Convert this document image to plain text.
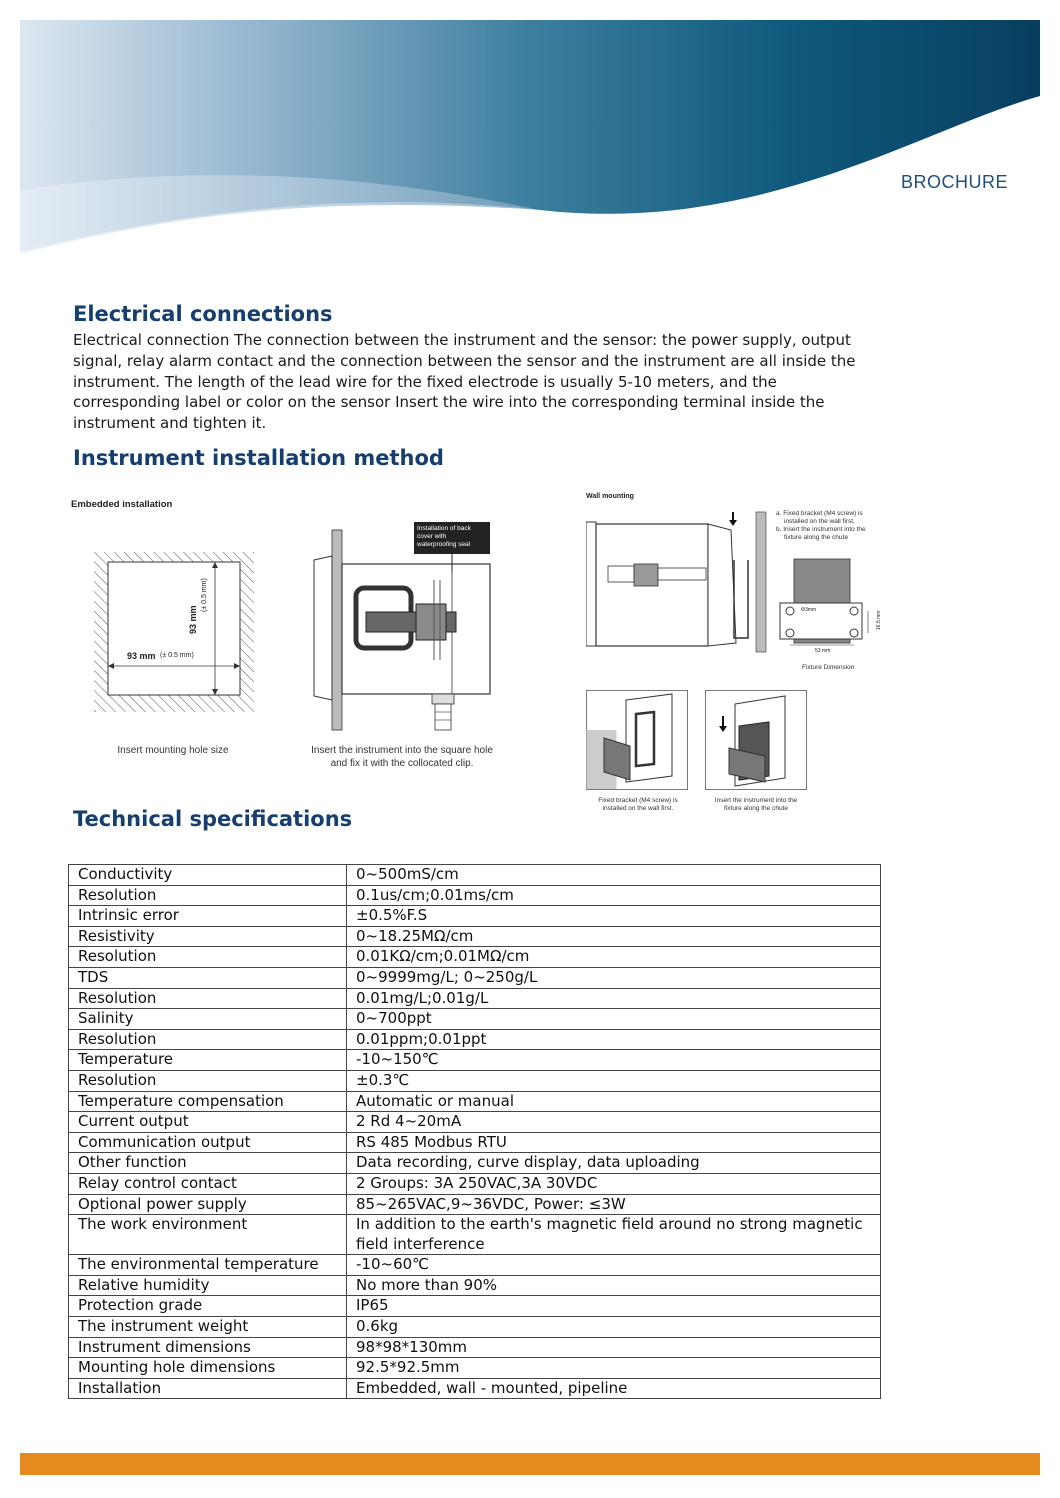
BROCHURE
Electrical connections

Electrical connection The connection between the instrument and the sensor: the power supply, output signal, relay alarm contact and the connection between the sensor and the instrument are all inside the instrument. The length of the lead wire for the fixed electrode is usually 5-10 meters, and the corresponding label or color on the sensor Insert the wire into the corresponding terminal inside the instrument and tighten it.

Instrument installation method
Embedded installation
93 mm (± 0.5 mm)
93 mm
(± 0.5 mm)
Insert mounting hole size
Installation of back
cover with
waterproofing seal
Insert the instrument into the square hole
and fix it with the collocated clip.
Wall mounting
a. Fixed bracket (M4 screw) is
installed on the wall first.
b. Insert the instrument into the
fixture along the chute
Φ3mm
53 mm
16.5 mm
Fixture Dimension
Fixed bracket (M4 screw) is
installed on the wall first.
Insert the instrument into the
fixture along the chute
Technical specifications
Conductivity	0~500mS/cm
Resolution	0.1us/cm;0.01ms/cm
Intrinsic error	±0.5%F.S
Resistivity	0~18.25MΩ/cm
Resolution	0.01KΩ/cm;0.01MΩ/cm
TDS	0~9999mg/L; 0~250g/L
Resolution	0.01mg/L;0.01g/L
Salinity	0~700ppt
Resolution	0.01ppm;0.01ppt
Temperature	-10~150℃
Resolution	±0.3℃
Temperature compensation	Automatic or manual
Current output	2 Rd 4~20mA
Communication output	RS 485 Modbus RTU
Other function	Data recording, curve display, data uploading
Relay control contact	2 Groups: 3A 250VAC,3A 30VDC
Optional power supply	85~265VAC,9~36VDC, Power: ≤3W
The work environment	In addition to the earth's magnetic field around no strong magnetic field interference
The environmental temperature	-10~60℃
Relative humidity	No more than 90%
Protection grade	IP65
The instrument weight	0.6kg
Instrument dimensions	98*98*130mm
Mounting hole dimensions	92.5*92.5mm
Installation	Embedded, wall - mounted, pipeline
